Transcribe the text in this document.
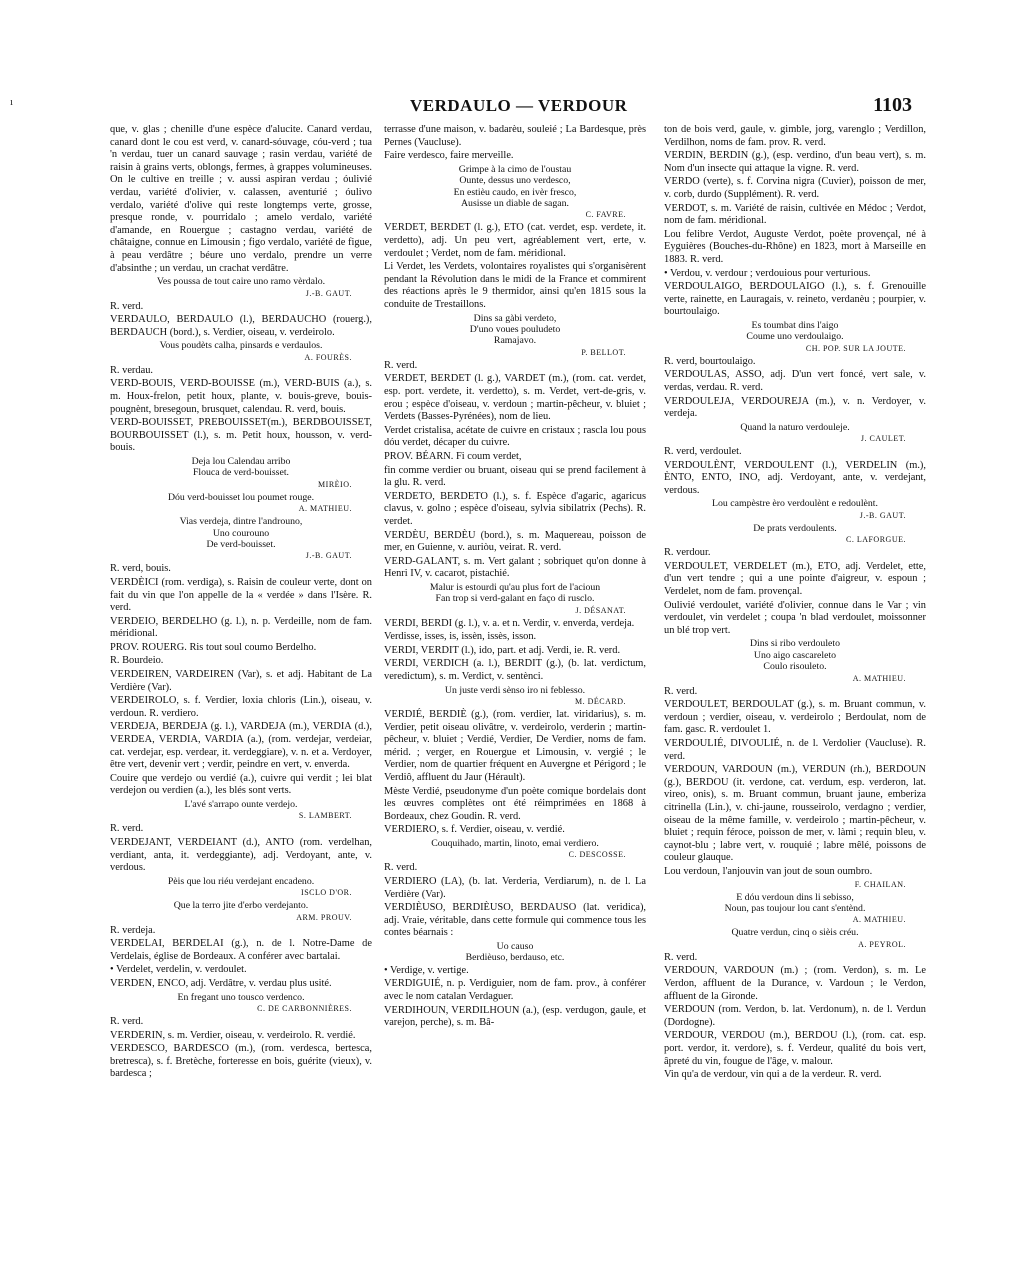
VERDAULO — VERDOUR	1103

que, v. glas ; chenille d'une espèce d'alucite. Canard verdau, canard dont le cou est verd, v. canard-sóuvage, cóu-verd ; tua 'n verdau, tuer un canard sauvage ; rasin verdau, variété de raisin à grains verts, oblongs, fermes, à grappes volumineuses. On le cultive en treille ; v. aussi aspiran verdau ; óulivié verdau, variété d'olivier, v. calassen, aventurié ; óulivo verdalo, variété d'olive qui reste longtemps verte, grosse, presque ronde, v. pourridalo ; amelo verdalo, variété d'amande, en Rouergue ; castagno verdau, variété de châtaigne, connue en Limousin ; figo verdalo, variété de figue, à peau verdâtre ; béure uno verdalo, prendre un verre d'absinthe ; un verdau, un crachat verdâtre.

Ves poussa de tout caire uno ramo vèrdalo.
J.-B. GAUT.

R. verd.

VERDAULO, BERDAULO (l.), BERDAUCHO (rouerg.), BERDAUCH (bord.), s. Verdier, oiseau, v. verdeirolo.

Vous poudèts calha, pinsards e verdaulos.
A. FOURÈS.

R. verdau.

VERD-BOUIS, VERD-BOUISSE (m.), VERD-BUIS (a.), s. m. Houx-frelon, petit houx, plante, v. bouis-greve, bouis-pougnènt, bresegoun, brusquet, calendau. R. verd, bouis.

VERD-BOUISSET, PREBOUISSET(m.), BERDBOUISSET, BOURBOUISSET (l.), s. m. Petit houx, housson, v. verd-bouis.

Deja lou Calendau arribo
Flouca de verd-bouisset.
MIRÈIO.
Dóu verd-bouisset lou poumet rouge.
A. MATHIEU.
Vias verdeja, dintre l'androuno,
Uno courouno
De verd-bouisset.
J.-B. GAUT.

R. verd, bouis.

VERDÈICI (rom. verdiga), s. Raisin de couleur verte, dont on fait du vin que l'on appelle de la « verdée » dans l'Isère. R. verd.

VERDEIO, BERDELHO (g. l.), n. p. Verdeille, nom de fam. méridional.

PROV. ROUERG. Ris tout soul coumo Berdelho.

R. Bourdeio.

VERDEIREN, VARDEIREN (Var), s. et adj. Habitant de La Verdière (Var).

VERDEIROLO, s. f. Verdier, loxia chloris (Lin.), oiseau, v. verdoun. R. verdiero.

VERDEJA, BERDEJA (g. l.), VARDEJA (m.), VERDIA (d.), VERDEA, VERDIA, VARDIA (a.), (rom. verdejar, verdeiar, cat. verdejar, esp. verdear, it. verdeggiare), v. n. et a. Verdoyer, être vert, devenir vert ; verdir, peindre en vert, v. enverda.

Couire que verdejo ou verdié (a.), cuivre qui verdit ; lei blat verdejon ou verdien (a.), les blés sont verts.

L'avé s'arrapo ounte verdejo.
S. LAMBERT.

R. verd.

VERDEJANT, VERDEIANT (d.), ANTO (rom. verdelhan, verdiant, anta, it. verdeggiante), adj. Verdoyant, ante, v. verdous.

Pèis que lou riéu verdejant encadeno.
ISCLO D'OR.
Que la terro jite d'erbo verdejanto.
ARM. PROUV.

R. verdeja.

VERDELAI, BERDELAI (g.), n. de l. Notre-Dame de Verdelais, église de Bordeaux. A conférer avec bartalai.

• Verdelet, verdelin, v. verdoulet.

VERDEN, ENCO, adj. Verdâtre, v. verdau plus usité.

En fregant uno tousco verdenco.
C. DE CARBONNIÈRES.

R. verd.

VERDERIN, s. m. Verdier, oiseau, v. verdeirolo. R. verdié.

VERDESCO, BARDESCO (m.), (rom. verdesca, bertesca, bretresca), s. f. Bretèche, forteresse en bois, guérite (vieux), v. bardesca ;

terrasse d'une maison, v. badarèu, souleié ; La Bardesque, près Pernes (Vaucluse).

Faire verdesco, faire merveille.

Grimpe à la cimo de l'oustau
Ounte, dessus uno verdesco,
En estièu caudo, en ivèr fresco,
Ausisse un diable de sagan.
C. FAVRE.

VERDET, BERDET (l. g.), ETO (cat. verdet, esp. verdete, it. verdetto), adj. Un peu vert, agréablement vert, erte, v. verdoulet ; Verdet, nom de fam. méridional.

Li Verdet, les Verdets, volontaires royalistes qui s'organisèrent pendant la Révolution dans le midi de la France et commirent des réactions après le 9 thermidor, ainsi qu'en 1815 sous la conduite de Trestaillons.

Dins sa gàbi verdeto,
D'uno voues pouludeto
Ramajavo.
P. BELLOT.

R. verd.

VERDET, BERDET (l. g.), VARDET (m.), (rom. cat. verdet, esp. port. verdete, it. verdetto), s. m. Verdet, vert-de-gris, v. erou ; espèce d'oiseau, v. verdoun ; martin-pêcheur, v. bluiet ; Verdets (Basses-Pyrénées), nom de lieu.

Verdet cristalisa, acétate de cuivre en cristaux ; rascla lou pous dóu verdet, décaper du cuivre.

PROV. BÉARN. Fi coum verdet,

fin comme verdier ou bruant, oiseau qui se prend facilement à la glu. R. verd.

VERDETO, BERDETO (l.), s. f. Espèce d'agaric, agaricus clavus, v. golno ; espèce d'oiseau, sylvia sibilatrix (Pechs). R. verdet.

VERDÈU, BERDÈU (bord.), s. m. Maquereau, poisson de mer, en Guienne, v. auriòu, veirat. R. verd.

VERD-GALANT, s. m. Vert galant ; sobriquet qu'on donne à Henri IV, v. cacarot, pistachié.

Malur is estourdi qu'au plus fort de l'acioun
Fan trop si verd-galant en faço di rusclo.
J. DÉSANAT.

VERDI, BERDI (g. l.), v. a. et n. Verdir, v. enverda, verdeja.

Verdisse, isses, is, issèn, issès, isson.

VERDI, VERDIT (l.), ido, part. et adj. Verdi, ie. R. verd.

VERDI, VERDICH (a. l.), BERDIT (g.), (b. lat. verdictum, veredictum), s. m. Verdict, v. sentènci.

Un juste verdi sènso iro ni feblesso.
M. DÉCARD.

VERDIÉ, BERDIÈ (g.), (rom. verdier, lat. viridarius), s. m. Verdier, petit oiseau olivâtre, v. verdeirolo, verderin ; martin-pêcheur, v. bluiet ; Verdié, Verdier, De Verdier, noms de fam. mérid. ; verger, en Rouergue et Limousin, v. vergié ; le Verdier, nom de quartier fréquent en Auvergne et Périgord ; le Verdiô, affluent du Jaur (Hérault).

Mèste Verdié, pseudonyme d'un poète comique bordelais dont les œuvres complètes ont été réimprimées en 1868 à Bordeaux, chez Goudin. R. verd.

VERDIERO, s. f. Verdier, oiseau, v. verdié.

Couquihado, martin, linoto, emai verdiero.
C. DESCOSSE.

R. verd.

VERDIERO (LA), (b. lat. Verderia, Verdiarum), n. de l. La Verdière (Var).

VERDIÈUSO, BERDIÈUSO, BERDAUSO (lat. veridica), adj. Vraie, véritable, dans cette formule qui commence tous les contes béarnais :

Uo causo
Berdièuso, berdauso, etc.

• Verdige, v. vertige.

VERDIGUIÉ, n. p. Verdiguier, nom de fam. prov., à conférer avec le nom catalan Verdaguer.

VERDIHOUN, VERDILHOUN (a.), (esp. verdugon, gaule, et varejon, perche), s. m. Bâ-

ton de bois verd, gaule, v. gimble, jorg, varenglo ; Verdillon, Verdilhon, noms de fam. prov. R. verd.

VERDIN, BERDIN (g.), (esp. verdino, d'un beau vert), s. m. Nom d'un insecte qui attaque la vigne. R. verd.

VERDO (verte), s. f. Corvina nigra (Cuvier), poisson de mer, v. corb, durdo (Supplément). R. verd.

VERDOT, s. m. Variété de raisin, cultivée en Médoc ; Verdot, nom de fam. méridional.

Lou felibre Verdot, Auguste Verdot, poète provençal, né à Eyguières (Bouches-du-Rhône) en 1823, mort à Marseille en 1883. R. verd.

• Verdou, v. verdour ; verdouious pour verturious.

VERDOULAIGO, BERDOULAIGO (l.), s. f. Grenouille verte, rainette, en Lauragais, v. reineto, verdanèu ; pourpier, v. bourtoulaigo.

Es toumbat dins l'aigo
Coume uno verdoulaigo.
CH. POP. SUR LA JOUTE.

R. verd, bourtoulaigo.

VERDOULAS, ASSO, adj. D'un vert foncé, vert sale, v. verdas, verdau. R. verd.

VERDOULEJA, VERDOUREJA (m.), v. n. Verdoyer, v. verdeja.

Quand la naturo verdouleje.
J. CAULET.

R. verd, verdoulet.

VERDOULÈNT, VERDOULENT (l.), VERDELIN (m.), ÈNTO, ENTO, INO, adj. Verdoyant, ante, v. verdejant, verdous.

Lou campèstre èro verdoulènt e redoulènt.
J.-B. GAUT.
De prats verdoulents.
C. LAFORGUE.

R. verdour.

VERDOULET, VERDELET (m.), ETO, adj. Verdelet, ette, d'un vert tendre ; qui a une pointe d'aigreur, v. espoun ; Verdelet, nom de fam. provençal.

Oulivié verdoulet, variété d'olivier, connue dans le Var ; vin verdoulet, vin verdelet ; coupa 'n blad verdoulet, moissonner un blé trop vert.

Dins si ribo verdouleto
Uno aigo cascareleto
Coulo risouleto.
A. MATHIEU.

R. verd.

VERDOULET, BERDOULAT (g.), s. m. Bruant commun, v. verdoun ; verdier, oiseau, v. verdeirolo ; Berdoulat, nom de fam. gasc. R. verdoulet 1.

VERDOULIÉ, DIVOULIÉ, n. de l. Verdolier (Vaucluse). R. verd.

VERDOUN, VARDOUN (m.), VERDUN (rh.), BERDOUN (g.), BERDOU (it. verdone, cat. verdum, esp. verderon, lat. vireo, onis), s. m. Bruant commun, bruant jaune, emberiza citrinella (Lin.), v. chi-jaune, rousseirolo, verdagno ; verdier, oiseau de la même famille, v. verdeirolo ; martin-pêcheur, v. bluiet ; requin féroce, poisson de mer, v. làmi ; requin bleu, v. caynot-blu ; labre vert, v. rouquié ; labre mêlé, poissons de couleur glauque.

Lou verdoun, l'anjouvin van jout de soun oumbro.

F. CHAILAN.
E dóu verdoun dins li sebisso,
Noun, pas toujour lou cant s'entènd.
A. MATHIEU.
Quatre verdun, cinq o sièis créu.
A. PEYROL.

R. verd.

VERDOUN, VARDOUN (m.) ; (rom. Verdon), s. m. Le Verdon, affluent de la Durance, v. Vardoun ; le Verdon, affluent de la Gironde.

VERDOUN (rom. Verdon, b. lat. Verdonum), n. de l. Verdun (Dordogne).

VERDOUR, VERDOU (m.), BERDOU (l.), (rom. cat. esp. port. verdor, it. verdore), s. f. Verdeur, qualité du bois vert, âpreté du vin, fougue de l'âge, v. malour.

Vin qu'a de verdour, vin qui a de la verdeur. R. verd.

ı
